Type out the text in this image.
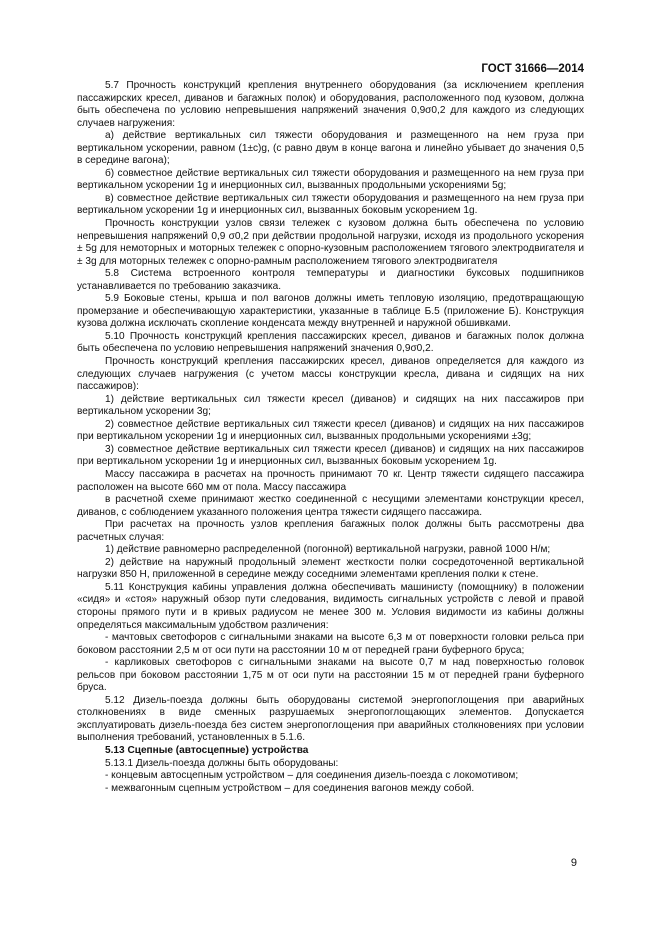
ГОСТ 31666—2014

5.7 Прочность конструкций крепления внутреннего оборудования (за исключением крепления пассажирских кресел, диванов и багажных полок) и оборудования, расположенного под кузовом, должна быть обеспечена по условию непревышения напряжений значения 0,9σ0,2 для каждого из следующих случаев нагружения:

а) действие вертикальных сил тяжести оборудования и размещенного на нем груза при вертикальном ускорении, равном (1±c)g, (c равно двум в конце вагона и линейно убывает до значения 0,5 в середине вагона);

б) совместное действие вертикальных сил тяжести оборудования и размещенного на нем груза при вертикальном ускорении 1g и инерционных сил, вызванных продольными ускорениями 5g;

в) совместное действие вертикальных сил тяжести оборудования и размещенного на нем груза при вертикальном ускорении 1g и инерционных сил, вызванных боковым ускорением 1g.

Прочность конструкции узлов связи тележек с кузовом должна быть обеспечена по условию непревышения напряжений 0,9 σ0,2 при действии продольной нагрузки, исходя из продольного ускорения ± 5g для немоторных и моторных тележек с опорно-кузовным расположением тягового электродвигателя и ± 3g для моторных тележек с опорно-рамным расположением тягового электродвигателя

5.8 Система встроенного контроля температуры и диагностики буксовых подшипников устанавливается по требованию заказчика.

5.9 Боковые стены, крыша и пол вагонов должны иметь тепловую изоляцию, предотвращающую промерзание и обеспечивающую характеристики, указанные в таблице Б.5 (приложение Б). Конструкция кузова должна исключать скопление конденсата между внутренней и наружной обшивками.

5.10 Прочность конструкций крепления пассажирских кресел, диванов и багажных полок должна быть обеспечена по условию непревышения напряжений значения 0,9σ0,2.

Прочность конструкций крепления пассажирских кресел, диванов определяется для каждого из следующих случаев нагружения (с учетом массы конструкции кресла, дивана и сидящих на них пассажиров):

1) действие вертикальных сил тяжести кресел (диванов) и сидящих на них пассажиров при вертикальном ускорении 3g;

2) совместное действие вертикальных сил тяжести кресел (диванов) и сидящих на них пассажиров при вертикальном ускорении 1g и инерционных сил, вызванных продольными ускорениями ±3g;

3) совместное действие вертикальных сил тяжести кресел (диванов) и сидящих на них пассажиров при вертикальном ускорении 1g и инерционных сил, вызванных боковым ускорением 1g.

Массу пассажира в расчетах на прочность принимают 70 кг. Центр тяжести сидящего пассажира расположен на высоте 660 мм от пола. Массу пассажира

в расчетной схеме принимают жестко соединенной с несущими элементами конструкции кресел, диванов, с соблюдением указанного положения центра тяжести сидящего пассажира.

При расчетах на прочность узлов крепления багажных полок должны быть рассмотрены два расчетных случая:

1) действие равномерно распределенной (погонной) вертикальной нагрузки, равной 1000 Н/м;

2) действие на наружный продольный элемент жесткости полки сосредоточенной вертикальной нагрузки 850 Н, приложенной в середине между соседними элементами крепления полки к стене.

5.11 Конструкция кабины управления должна обеспечивать машинисту (помощнику) в положении «сидя» и «стоя» наружный обзор пути следования, видимость сигнальных устройств с левой и правой стороны прямого пути и в кривых радиусом не менее 300 м. Условия видимости из кабины должны определяться максимальным удобством различения:

- мачтовых светофоров с сигнальными знаками на высоте 6,3 м от поверхности головки рельса при боковом расстоянии 2,5 м от оси пути на расстоянии 10 м от передней грани буферного бруса;

- карликовых светофоров с сигнальными знаками на высоте 0,7 м над поверхностью головок рельсов при боковом расстоянии 1,75 м от оси пути на расстоянии 15 м от передней грани буферного бруса.

5.12 Дизель-поезда должны быть оборудованы системой энергопоглощения при аварийных столкновениях в виде сменных разрушаемых энергопоглощающих элементов. Допускается эксплуатировать дизель-поезда без систем энергопоглощения при аварийных столкновениях при условии выполнения требований, установленных в 5.1.6.

5.13 Сцепные (автосцепные) устройства

5.13.1 Дизель-поезда должны быть оборудованы:

- концевым автосцепным устройством – для соединения дизель-поезда с локомотивом;

- межвагонным сцепным устройством – для соединения вагонов между собой.

9
